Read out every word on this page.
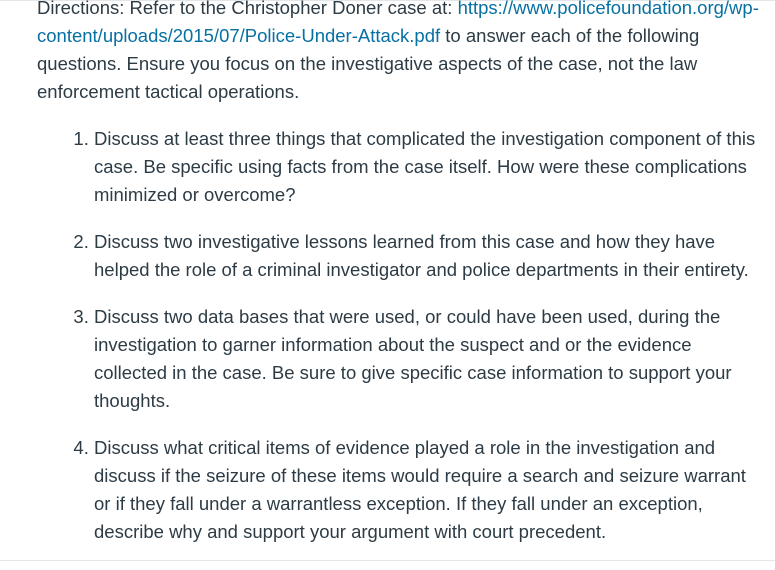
Directions: Refer to the Christopher Doner case at: https://www.policefoundation.org/wp-content/uploads/2015/07/Police-Under-Attack.pdf to answer each of the following questions. Ensure you focus on the investigative aspects of the case, not the law enforcement tactical operations.

1. Discuss at least three things that complicated the investigation component of this case. Be specific using facts from the case itself. How were these complications minimized or overcome?
2. Discuss two investigative lessons learned from this case and how they have helped the role of a criminal investigator and police departments in their entirety.
3. Discuss two data bases that were used, or could have been used, during the investigation to garner information about the suspect and or the evidence collected in the case. Be sure to give specific case information to support your thoughts.
4. Discuss what critical items of evidence played a role in the investigation and discuss if the seizure of these items would require a search and seizure warrant or if they fall under a warrantless exception. If they fall under an exception, describe why and support your argument with court precedent.
